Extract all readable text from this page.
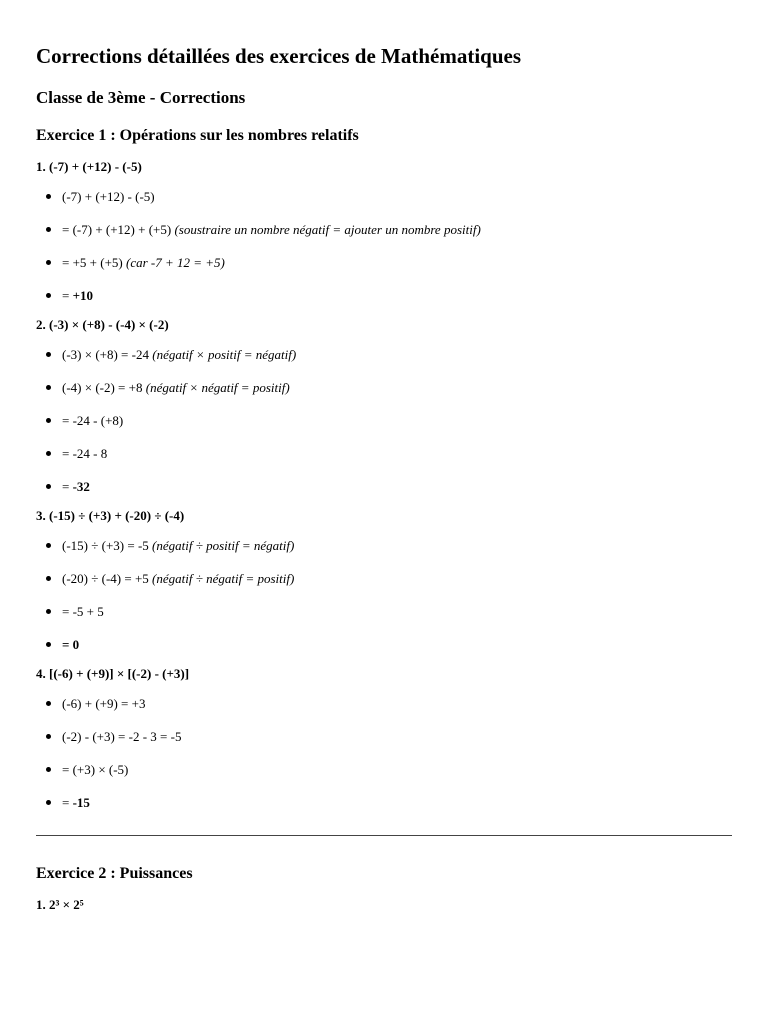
Corrections détaillées des exercices de Mathématiques
Classe de 3ème - Corrections
Exercice 1 : Opérations sur les nombres relatifs

1. (-7) + (+12) - (-5)

(-7) + (+12) - (-5)
= (-7) + (+12) + (+5) (soustraire un nombre négatif = ajouter un nombre positif)
= +5 + (+5) (car -7 + 12 = +5)
= +10

2. (-3) × (+8) - (-4) × (-2)

(-3) × (+8) = -24 (négatif × positif = négatif)
(-4) × (-2) = +8 (négatif × négatif = positif)
= -24 - (+8)
= -24 - 8
= -32

3. (-15) ÷ (+3) + (-20) ÷ (-4)

(-15) ÷ (+3) = -5 (négatif ÷ positif = négatif)
(-20) ÷ (-4) = +5 (négatif ÷ négatif = positif)
= -5 + 5
= 0

4. [(-6) + (+9)] × [(-2) - (+3)]

(-6) + (+9) = +3
(-2) - (+3) = -2 - 3 = -5
= (+3) × (-5)
= -15
Exercice 2 : Puissances

1. 2³ × 2⁵
